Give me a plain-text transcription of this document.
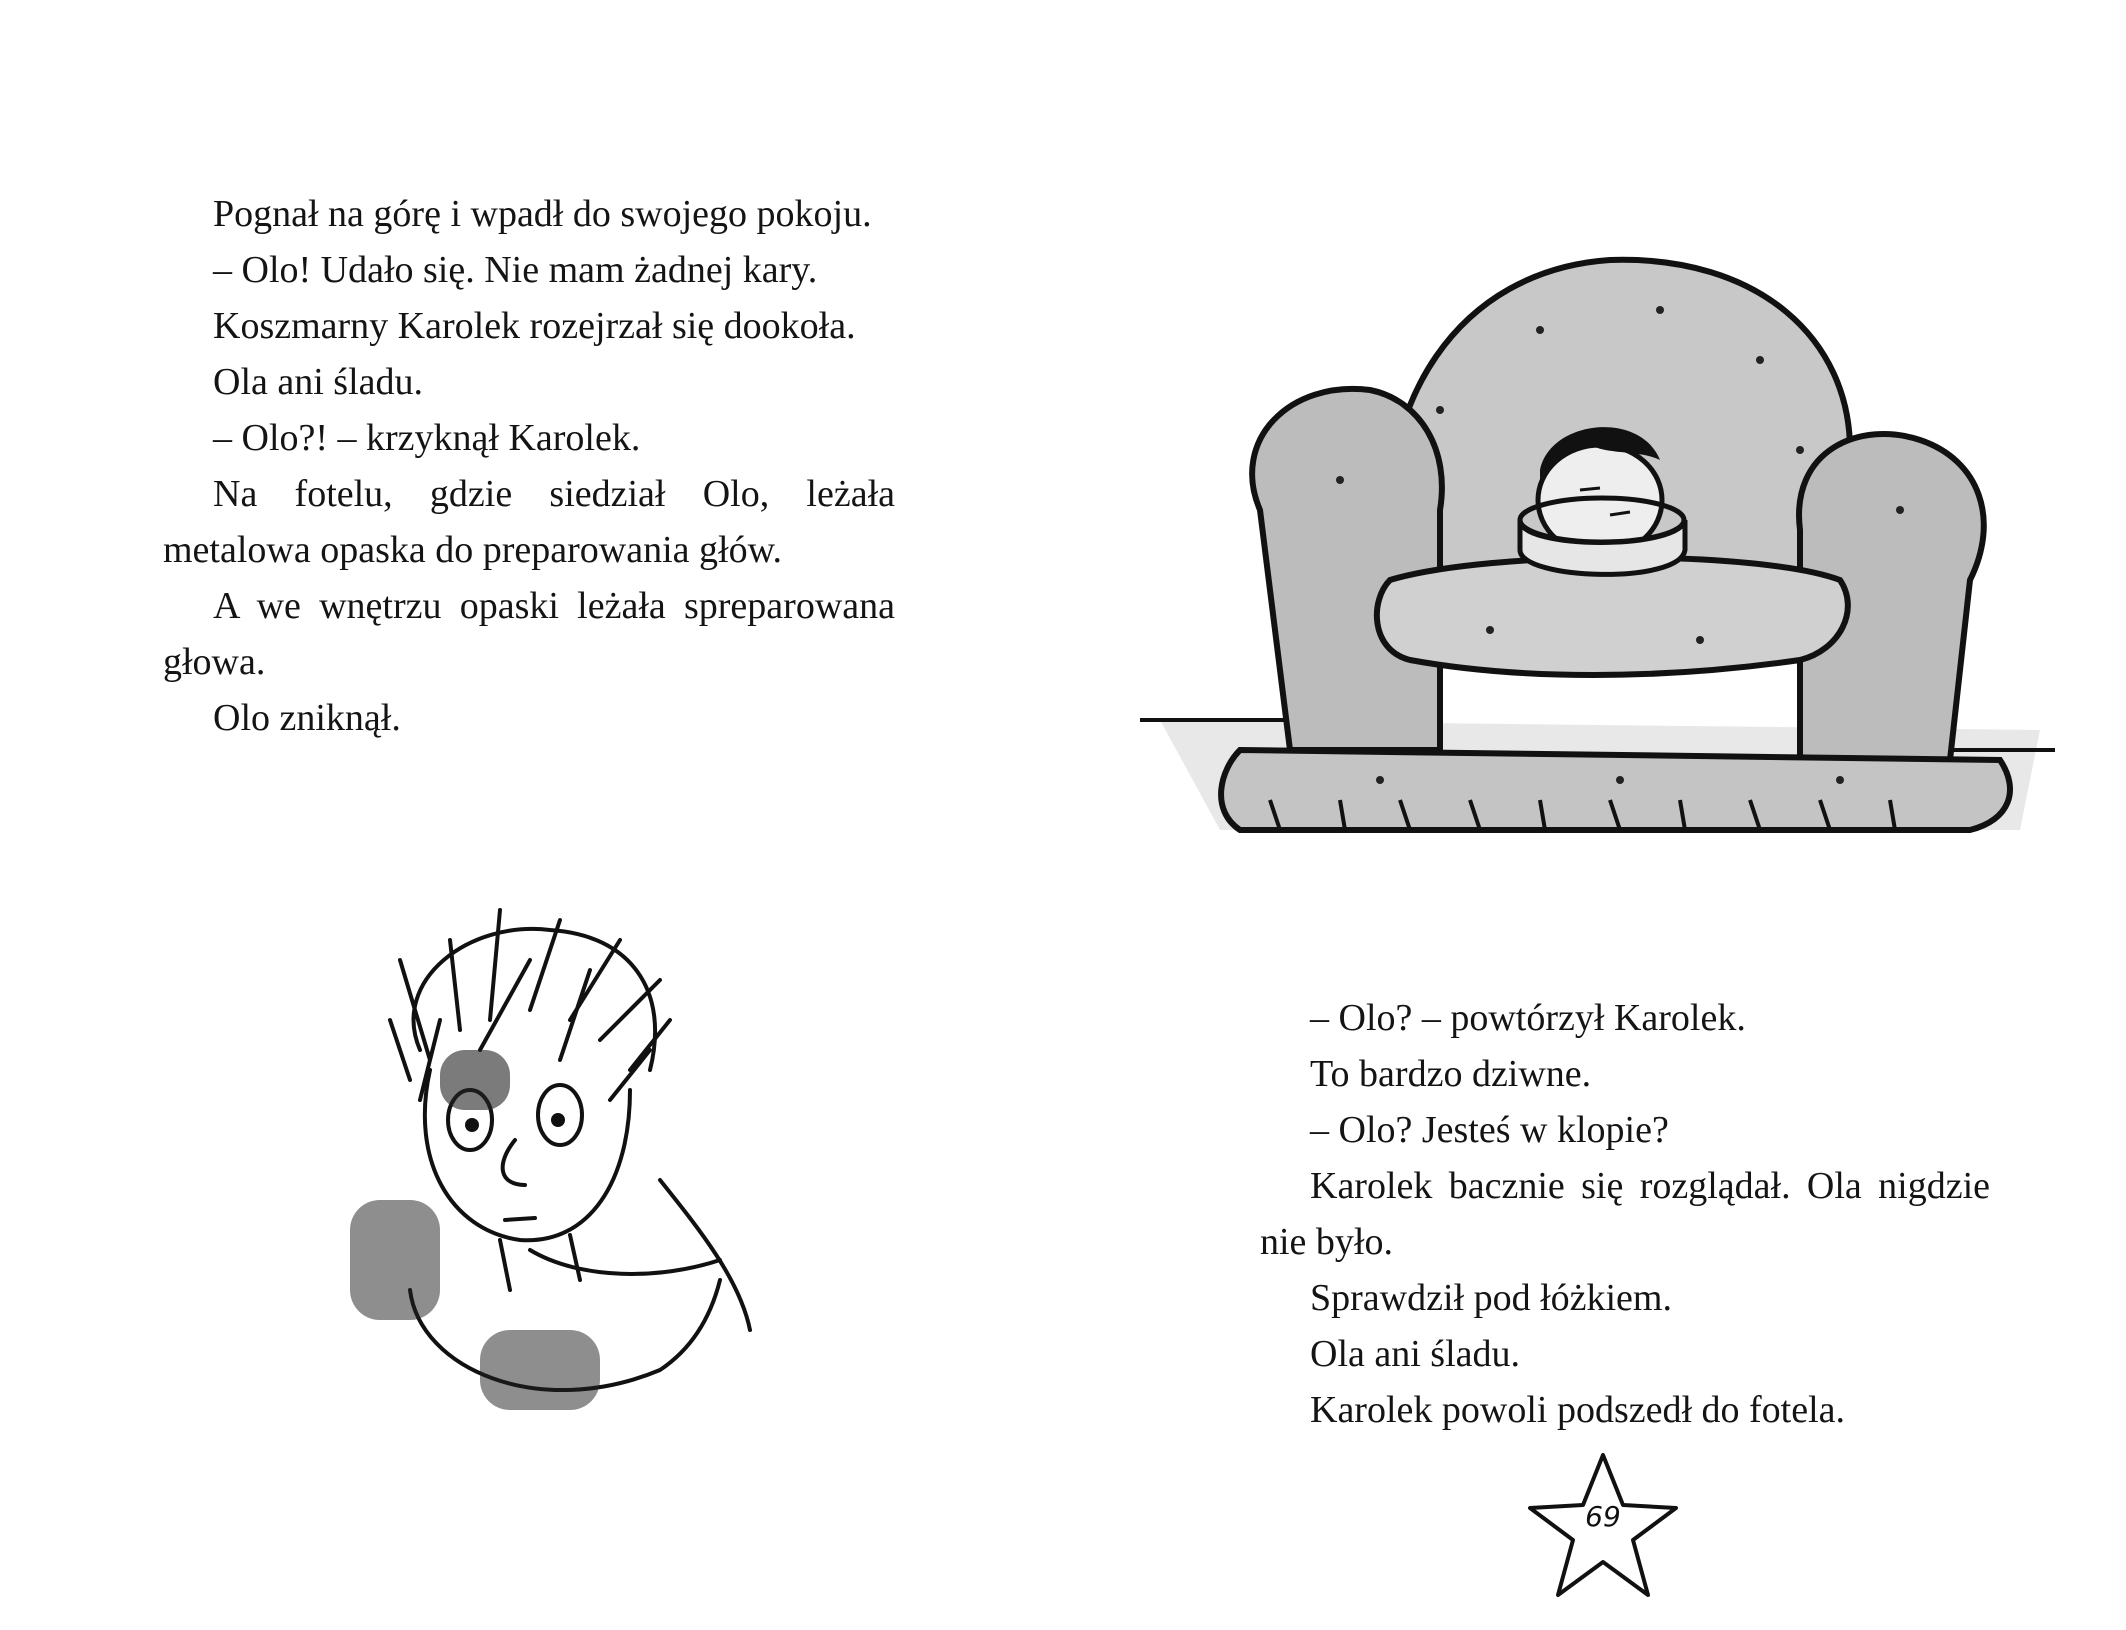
Pognał na górę i wpadł do swojego pokoju.

– Olo! Udało się. Nie mam żadnej kary.

Koszmarny Karolek rozejrzał się dookoła.

Ola ani śladu.

– Olo?! – krzyknął Karolek.

Na fotelu, gdzie siedział Olo, leżała metalowa opaska do preparowania głów.

A we wnętrzu opaski leżała spreparowana głowa.

Olo zniknął.

– Olo? – powtórzył Karolek.

To bardzo dziwne.

– Olo? Jesteś w klopie?

Karolek bacznie się rozglądał. Ola nigdzie nie było.

Sprawdził pod łóżkiem.

Ola ani śladu.

Karolek powoli podszedł do fotela.

69
